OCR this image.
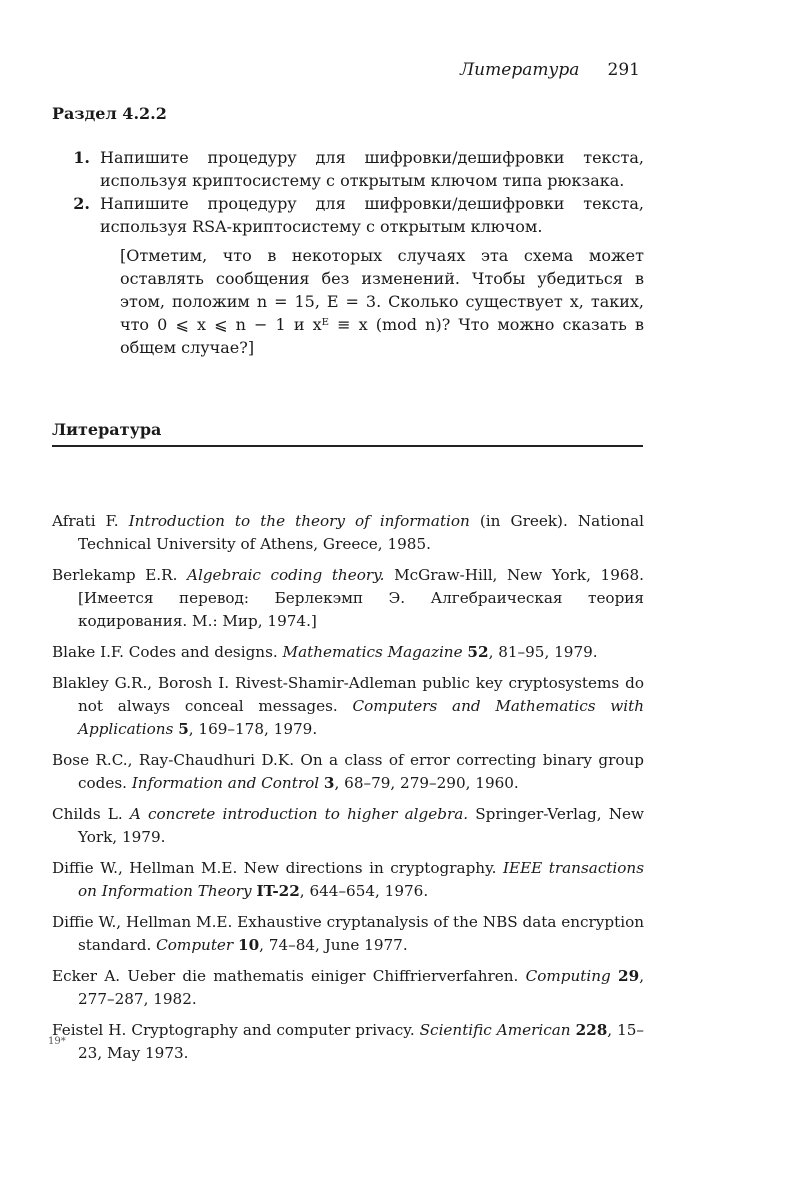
Литература 291
Раздел 4.2.2
1. Напишите процедуру для шифровки/дешифровки текста, используя криптосистему с открытым ключом типа рюкзака.
2. Напишите процедуру для шифровки/дешифровки текста, используя RSA-криптосистему с открытым ключом.
[Отметим, что в некоторых случаях эта схема может оставлять сообщения без изменений. Чтобы убедиться в этом, положим n = 15, E = 3. Сколько существует x, таких, что 0 ⩽ x ⩽ n − 1 и xᴱ ≡ x (mod n)? Что можно сказать в общем случае?]
Литература
Afrati F. Introduction to the theory of information (in Greek). National Technical University of Athens, Greece, 1985.
Berlekamp E.R. Algebraic coding theory. McGraw-Hill, New York, 1968. [Имеется перевод: Берлекэмп Э. Алгебраическая теория кодирования. М.: Мир, 1974.]
Blake I.F. Codes and designs. Mathematics Magazine 52, 81–95, 1979.
Blakley G.R., Borosh I. Rivest-Shamir-Adleman public key cryptosystems do not always conceal messages. Computers and Mathematics with Applications 5, 169–178, 1979.
Bose R.C., Ray-Chaudhuri D.K. On a class of error correcting binary group codes. Information and Control 3, 68–79, 279–290, 1960.
Childs L. A concrete introduction to higher algebra. Springer-Verlag, New York, 1979.
Diffie W., Hellman M.E. New directions in cryptography. IEEE transactions on Information Theory IT-22, 644–654, 1976.
Diffie W., Hellman M.E. Exhaustive cryptanalysis of the NBS data encryption standard. Computer 10, 74–84, June 1977.
Ecker A. Ueber die mathematis einiger Chiffrierverfahren. Computing 29, 277–287, 1982.
Feistel H. Cryptography and computer privacy. Scientific American 228, 15–23, May 1973.
19*
